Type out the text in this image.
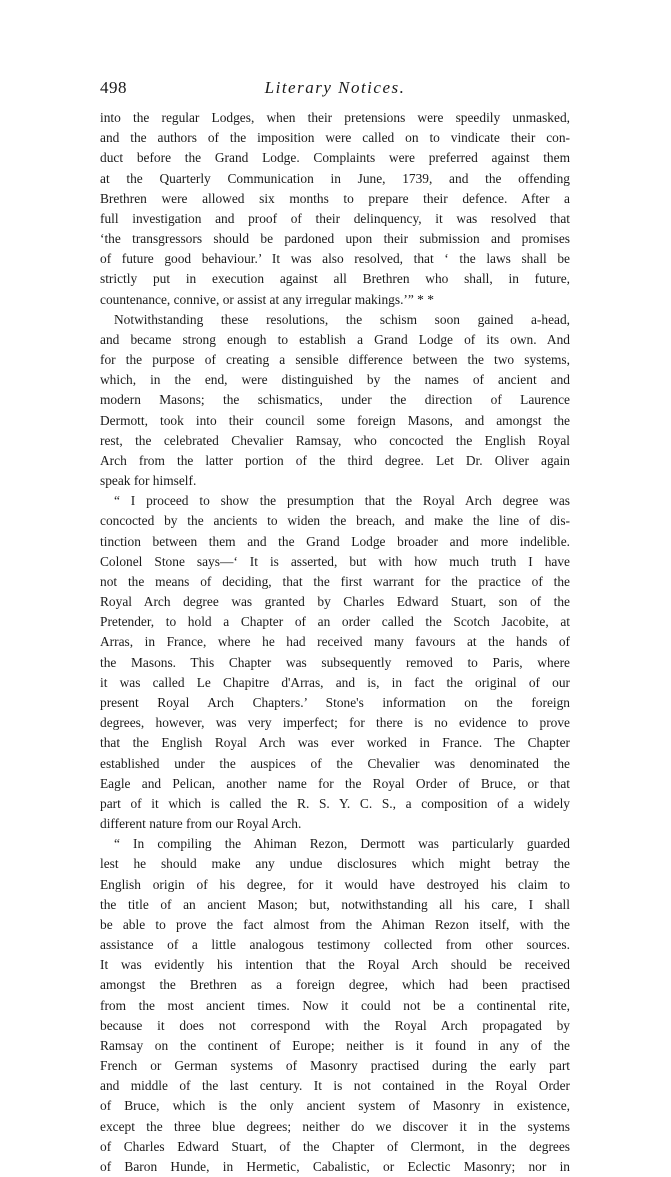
498	Literary Notices.
into the regular Lodges, when their pretensions were speedily unmasked,
and the authors of the imposition were called on to vindicate their con-
duct before the Grand Lodge. Complaints were preferred against them
at the Quarterly Communication in June, 1739, and the offending
Brethren were allowed six months to prepare their defence. After a
full investigation and proof of their delinquency, it was resolved that
‘the transgressors should be pardoned upon their submission and promises
of future good behaviour.’ It was also resolved, that ‘ the laws shall be
strictly put in execution against all Brethren who shall, in future,
countenance, connive, or assist at any irregular makings.’” * *
Notwithstanding these resolutions, the schism soon gained a-head,
and became strong enough to establish a Grand Lodge of its own. And
for the purpose of creating a sensible difference between the two systems,
which, in the end, were distinguished by the names of ancient and
modern Masons; the schismatics, under the direction of Laurence
Dermott, took into their council some foreign Masons, and amongst the
rest, the celebrated Chevalier Ramsay, who concocted the English Royal
Arch from the latter portion of the third degree. Let Dr. Oliver again
speak for himself.
“ I proceed to show the presumption that the Royal Arch degree was
concocted by the ancients to widen the breach, and make the line of dis-
tinction between them and the Grand Lodge broader and more indelible.
Colonel Stone says—‘ It is asserted, but with how much truth I have
not the means of deciding, that the first warrant for the practice of the
Royal Arch degree was granted by Charles Edward Stuart, son of the
Pretender, to hold a Chapter of an order called the Scotch Jacobite, at
Arras, in France, where he had received many favours at the hands of
the Masons. This Chapter was subsequently removed to Paris, where
it was called Le Chapitre d'Arras, and is, in fact the original of our
present Royal Arch Chapters.’ Stone's information on the foreign
degrees, however, was very imperfect; for there is no evidence to prove
that the English Royal Arch was ever worked in France. The Chapter
established under the auspices of the Chevalier was denominated the
Eagle and Pelican, another name for the Royal Order of Bruce, or that
part of it which is called the R. S. Y. C. S., a composition of a widely
different nature from our Royal Arch.
“ In compiling the Ahiman Rezon, Dermott was particularly guarded
lest he should make any undue disclosures which might betray the
English origin of his degree, for it would have destroyed his claim to
the title of an ancient Mason; but, notwithstanding all his care, I shall
be able to prove the fact almost from the Ahiman Rezon itself, with the
assistance of a little analogous testimony collected from other sources.
It was evidently his intention that the Royal Arch should be received
amongst the Brethren as a foreign degree, which had been practised
from the most ancient times. Now it could not be a continental rite,
because it does not correspond with the Royal Arch propagated by
Ramsay on the continent of Europe; neither is it found in any of the
French or German systems of Masonry practised during the early part
and middle of the last century. It is not contained in the Royal Order
of Bruce, which is the only ancient system of Masonry in existence,
except the three blue degrees; neither do we discover it in the systems
of Charles Edward Stuart, of the Chapter of Clermont, in the degrees
of Baron Hunde, in Hermetic, Cabalistic, or Eclectic Masonry; nor in
